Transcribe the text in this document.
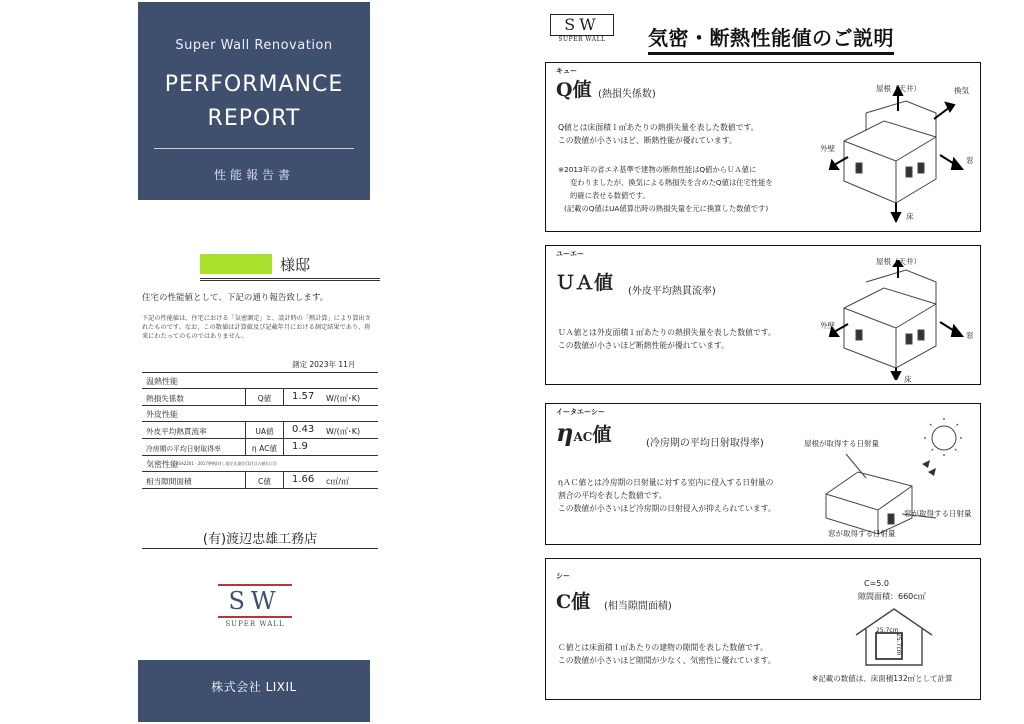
Super Wall Renovation
PERFORMANCE
REPORT
性能報告書
様邸
住宅の性能値として、下記の通り報告致します。
下記の性能値は、住宅における「気密測定」と、設計時の「熱計算」により算出されたものです。なお、この数値は計算値及び記載年月における測定結果であり、将来にわたってのものではありません。
測定 2023年 11月
温熱性能
熱損失係数	Q値	1.57 W/(㎡･K)
外皮性能
外皮平均熱貫流率	UA値	0.43 W/(㎡･K)
冷房期の平均日射取得率	η AC値	1.9
気密性能
JISA2201 · 2017準拠(同し規定比測定(1回目の値)は可)
相当隙間面積	C値	1.66 c㎡/㎡
(有)渡辺忠雄工務店
SW
SUPER WALL
株式会社 LIXIL
SW
SUPER WALL	気密・断熱性能値のご説明
キュー
Q値 (熱損失係数)
Q値とは床面積１㎡あたりの熱損失量を表した数値です。
この数値が小さいほど、断熱性能が優れています。
※2013年の省エネ基準で建物の断熱性能はQ値からＵＡ値に
変わりましたが、換気による熱損失を含めたQ値は住宅性能を
的確に表せる数値です。
(記載のQ値はUA値算出時の熱損失量を元に換算した数値です)
屋根（天井）	換気
外壁
窓
床
ユーエー
ＵＡ値 (外皮平均熱貫流率)
ＵＡ値とは外皮面積１㎡あたりの熱損失量を表した数値です。
この数値が小さいほど断熱性能が優れています。
屋根（天井）
外壁
窓
床
イータエーシー
ηAC値	(冷房期の平均日射取得率)
ηＡＣ値とは冷房期の日射量に対する室内に侵入する日射量の
割合の平均を表した数値です。
この数値が小さいほど冷房期の日射侵入が抑えられています。
屋根が取得する日射量
窓が取得する日射量
窓が取得する日射量
シー
C値 (相当隙間面積)
Ｃ値とは床面積１㎡あたりの建物の隙間を表した数値です。
この数値が小さいほど隙間が少なく、気密性に優れています。
C=5.0
隙間面積：660c㎡
25.7cm
25.7cm
※記載の数値は、床面積132㎡として計算
